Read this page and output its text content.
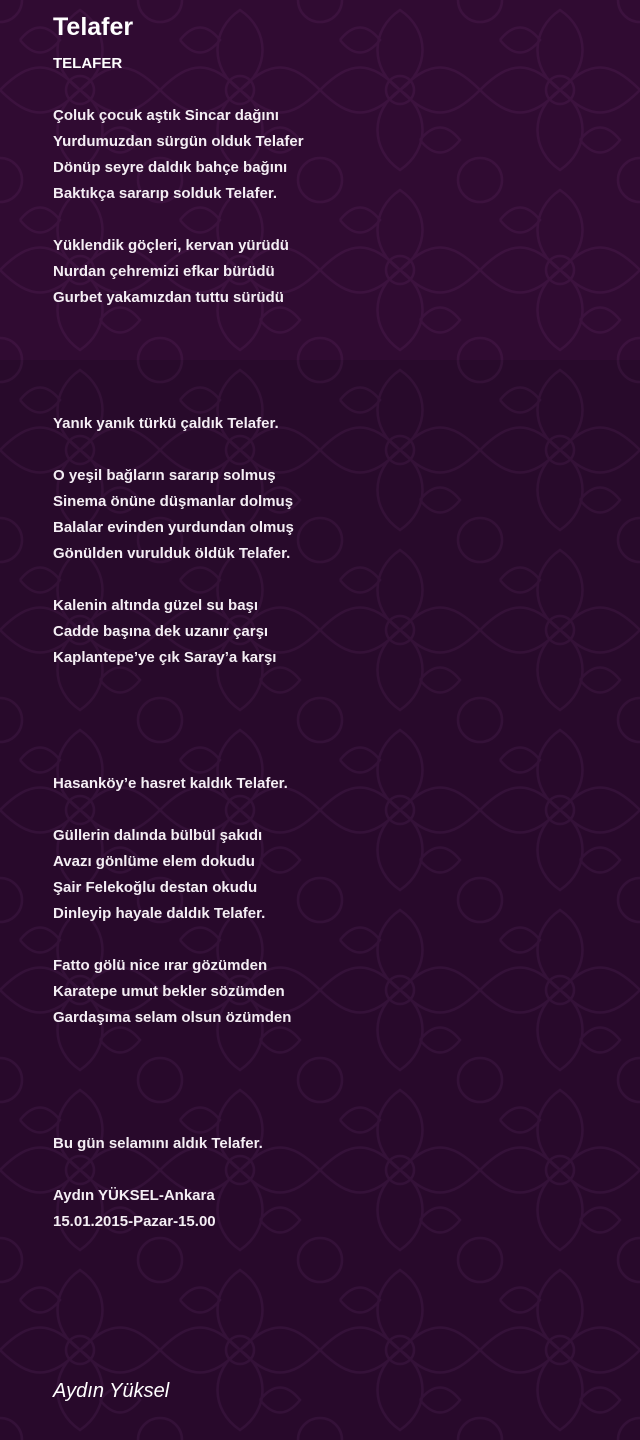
Telafer
TELAFER
Çoluk çocuk aştık Sincar dağını
Yurdumuzdan sürgün olduk Telafer
Dönüp seyre daldık bahçe bağını
Baktıkça sararıp solduk Telafer.
Yüklendik göçleri, kervan yürüdü
Nurdan çehremizi efkar bürüdü
Gurbet yakamızdan tuttu sürüdü
Yanık yanık türkü çaldık Telafer.
O yeşil bağların sararıp solmuş
Sinema önüne düşmanlar dolmuş
Balalar evinden yurdundan olmuş
Gönülden vurulduk öldük Telafer.
Kalenin altında güzel su başı
Cadde başına dek uzanır çarşı
Kaplantepe’ye çık Saray’a karşı
Hasanköy’e hasret kaldık Telafer.
Güllerin dalında bülbül şakıdı
Avazı gönlüme elem dokudu
Şair Felekoğlu destan okudu
Dinleyip hayale daldık Telafer.
Fatto gölü nice ırar gözümden
Karatepe umut bekler sözümden
Gardaşıma selam olsun özümden
Bu gün selamını aldık Telafer.
Aydın YÜKSEL-Ankara
15.01.2015-Pazar-15.00
Aydın Yüksel
